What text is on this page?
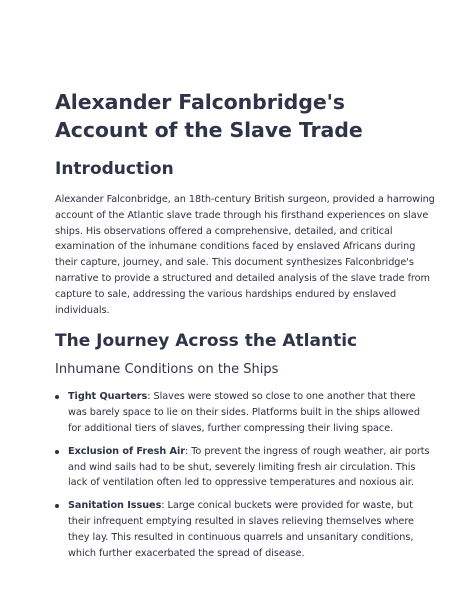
Alexander Falconbridge's Account of the Slave Trade
Introduction

Alexander Falconbridge, an 18th-century British surgeon, provided a harrowing account of the Atlantic slave trade through his firsthand experiences on slave ships. His observations offered a comprehensive, detailed, and critical examination of the inhumane conditions faced by enslaved Africans during their capture, journey, and sale. This document synthesizes Falconbridge's narrative to provide a structured and detailed analysis of the slave trade from capture to sale, addressing the various hardships endured by enslaved individuals.

The Journey Across the Atlantic
Inhumane Conditions on the Ships
Tight Quarters: Slaves were stowed so close to one another that there was barely space to lie on their sides. Platforms built in the ships allowed for additional tiers of slaves, further compressing their living space.
Exclusion of Fresh Air: To prevent the ingress of rough weather, air ports and wind sails had to be shut, severely limiting fresh air circulation. This lack of ventilation often led to oppressive temperatures and noxious air.
Sanitation Issues: Large conical buckets were provided for waste, but their infrequent emptying resulted in slaves relieving themselves where they lay. This resulted in continuous quarrels and unsanitary conditions, which further exacerbated the spread of disease.
